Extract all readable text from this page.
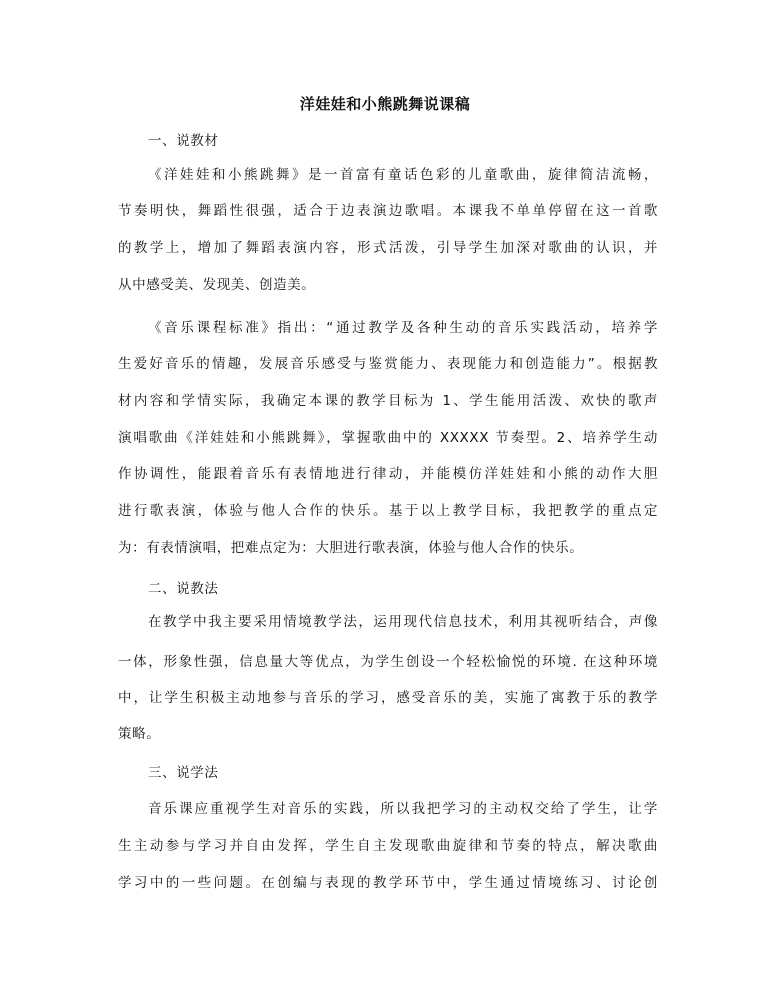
洋娃娃和小熊跳舞说课稿
一、说教材
《洋娃娃和小熊跳舞》是一首富有童话色彩的儿童歌曲，旋律简洁流畅，
节奏明快，舞蹈性很强，适合于边表演边歌唱。本课我不单单停留在这一首歌
的教学上，增加了舞蹈表演内容，形式活泼，引导学生加深对歌曲的认识，并
从中感受美、发现美、创造美。
《音乐课程标准》指出：“通过教学及各种生动的音乐实践活动，培养学
生爱好音乐的情趣，发展音乐感受与鉴赏能力、表现能力和创造能力”。根据教
材内容和学情实际，我确定本课的教学目标为 1、学生能用活泼、欢快的歌声
演唱歌曲《洋娃娃和小熊跳舞》，掌握歌曲中的 XXXXX 节奏型。2、培养学生动
作协调性，能跟着音乐有表情地进行律动，并能模仿洋娃娃和小熊的动作大胆
进行歌表演，体验与他人合作的快乐。基于以上教学目标，我把教学的重点定
为：有表情演唱，把难点定为：大胆进行歌表演，体验与他人合作的快乐。
二、说教法
在教学中我主要采用情境教学法，运用现代信息技术，利用其视听结合，声像
一体，形象性强，信息量大等优点，为学生创设一个轻松愉悦的环境. 在这种环境
中，让学生积极主动地参与音乐的学习，感受音乐的美，实施了寓教于乐的教学
策略。
三、说学法
音乐课应重视学生对音乐的实践，所以我把学习的主动权交给了学生，让学
生主动参与学习并自由发挥，学生自主发现歌曲旋律和节奏的特点，解决歌曲
学习中的一些问题。在创编与表现的教学环节中，学生通过情境练习、讨论创
